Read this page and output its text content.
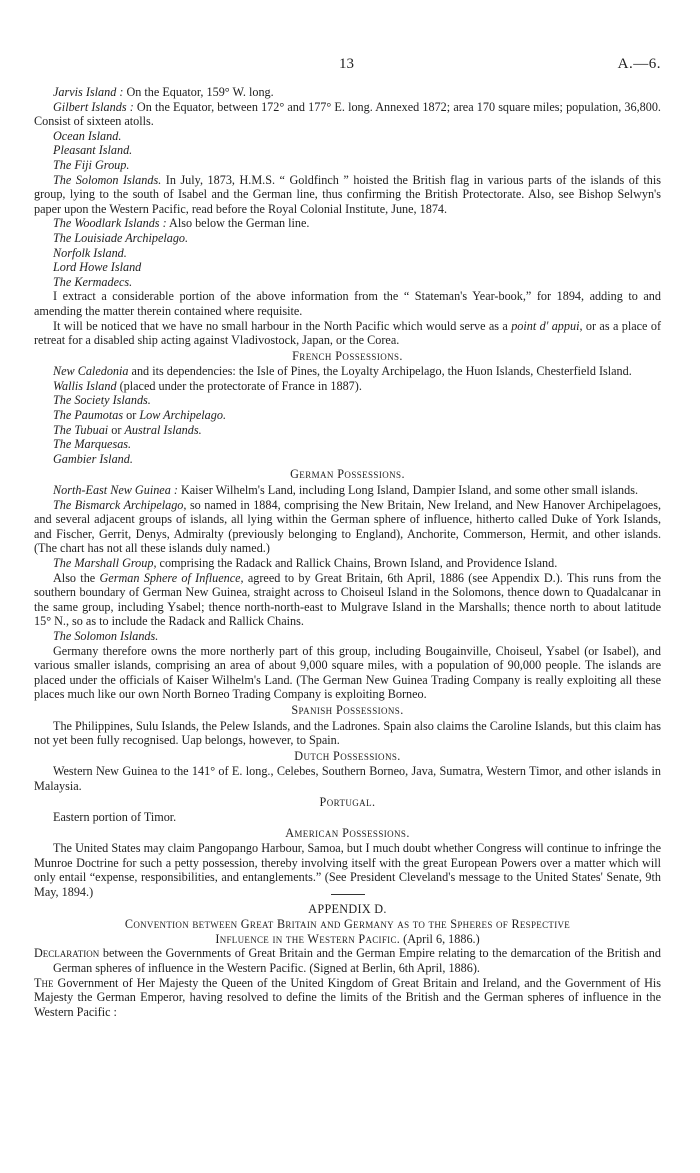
13	A.—6.

Jarvis Island : On the Equator, 159° W. long.

Gilbert Islands : On the Equator, between 172° and 177° E. long. Annexed 1872; area 170 square miles; population, 36,800. Consist of sixteen atolls.

Ocean Island.

Pleasant Island.

The Fiji Group.

The Solomon Islands. In July, 1873, H.M.S. “ Goldfinch ” hoisted the British flag in various parts of the islands of this group, lying to the south of Isabel and the German line, thus confirming the British Protectorate. Also, see Bishop Selwyn's paper upon the Western Pacific, read before the Royal Colonial Institute, June, 1874.

The Woodlark Islands : Also below the German line.

The Louisiade Archipelago.

Norfolk Island.

Lord Howe Island

The Kermadecs.

I extract a considerable portion of the above information from the “ Stateman's Year-book,” for 1894, adding to and amending the matter therein contained where requisite.

It will be noticed that we have no small harbour in the North Pacific which would serve as a point d' appui, or as a place of retreat for a disabled ship acting against Vladivostock, Japan, or the Corea.

French Possessions.

New Caledonia and its dependencies: the Isle of Pines, the Loyalty Archipelago, the Huon Islands, Chesterfield Island.

Wallis Island (placed under the protectorate of France in 1887).

The Society Islands.

The Paumotas or Low Archipelago.

The Tubuai or Austral Islands.

The Marquesas.

Gambier Island.

German Possessions.

North-East New Guinea : Kaiser Wilhelm's Land, including Long Island, Dampier Island, and some other small islands.

The Bismarck Archipelago, so named in 1884, comprising the New Britain, New Ireland, and New Hanover Archipelagoes, and several adjacent groups of islands, all lying within the German sphere of influence, hitherto called Duke of York Islands, and Fischer, Gerrit, Denys, Admiralty (previously belonging to England), Anchorite, Commerson, Hermit, and other islands. (The chart has not all these islands duly named.)

The Marshall Group, comprising the Radack and Rallick Chains, Brown Island, and Providence Island.

Also the German Sphere of Influence, agreed to by Great Britain, 6th April, 1886 (see Appendix D.). This runs from the southern boundary of German New Guinea, straight across to Choiseul Island in the Solomons, thence down to Quadalcanar in the same group, including Ysabel; thence north-north-east to Mulgrave Island in the Marshalls; thence north to about latitude 15° N., so as to include the Radack and Rallick Chains.

The Solomon Islands.

Germany therefore owns the more northerly part of this group, including Bougainville, Choiseul, Ysabel (or Isabel), and various smaller islands, comprising an area of about 9,000 square miles, with a population of 90,000 people. The islands are placed under the officials of Kaiser Wilhelm's Land. (The German New Guinea Trading Company is really exploiting all these places much like our own North Borneo Trading Company is exploiting Borneo.

Spanish Possessions.

The Philippines, Sulu Islands, the Pelew Islands, and the Ladrones. Spain also claims the Caroline Islands, but this claim has not yet been fully recognised. Uap belongs, however, to Spain.

Dutch Possessions.

Western New Guinea to the 141° of E. long., Celebes, Southern Borneo, Java, Sumatra, Western Timor, and other islands in Malaysia.

Portugal.

Eastern portion of Timor.

American Possessions.

The United States may claim Pangopango Harbour, Samoa, but I much doubt whether Congress will continue to infringe the Munroe Doctrine for such a petty possession, thereby involving itself with the great European Powers over a matter which will only entail “expense, responsibilities, and entanglements.” (See President Cleveland's message to the United States' Senate, 9th May, 1894.)

APPENDIX D.
Convention between Great Britain and Germany as to the Spheres of Respective
Influence in the Western Pacific. (April 6, 1886.)

Declaration between the Governments of Great Britain and the German Empire relating to the demarcation of the British and German spheres of influence in the Western Pacific. (Signed at Berlin, 6th April, 1886).

The Government of Her Majesty the Queen of the United Kingdom of Great Britain and Ireland, and the Government of His Majesty the German Emperor, having resolved to define the limits of the British and the German spheres of influence in the Western Pacific :
